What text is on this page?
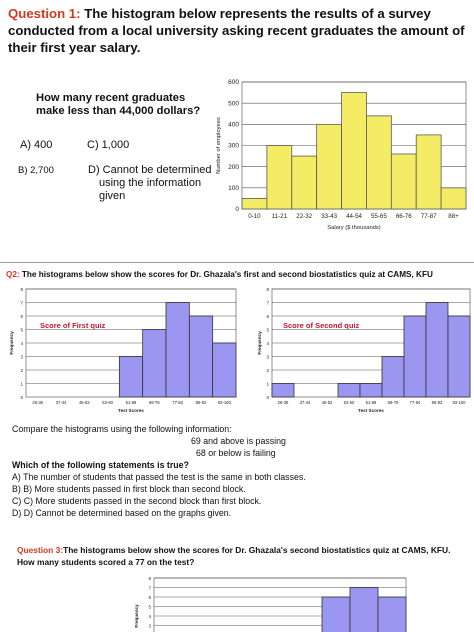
Question 1: The histogram below represents the results of a survey conducted from a local university asking recent graduates the amount of their first year salary.
How many recent graduates make less than 44,000 dollars?
A) 400	C) 1,000
B) 2,700	D) Cannot be determined
using the information
given
0
100
200
300
400
500
600
0-10 11-21 22-32 33-43 44-54 55-65 66-76 77-87 88+
Salary ($ thousands)
Number of employees
Q2: The histograms below show the scores for Dr. Ghazala's first and second biostatistics quiz at CAMS, KFU
0
1
2
3
4
5
6
7
8
28-36	37-44	45-52	53-60	61-68	69-76	77-84	85-92	93-100
Test Scores
Frequency
Score of First quiz
0
1
2
3
4
5
6
7
8
28-36	37-44	45-52	53-60	61-68	69-76	77-84	85-92 93-100
Test Scores
Frequency
Score of Second quiz
Compare the histograms using the following information:
69 and above is passing
68 or below is failing
Which of the following statements is true?
A) The number of students that passed the test is the same in both classes.
B) B) More students passed in first block than second block.
C) C) More students passed in the second block than first block.
D) D) Cannot be determined based on the graphs given.
Question 3:The histograms below show the scores for Dr. Ghazala's second biostatistics quiz at CAMS, KFU. How many students scored a 77 on the test?
3
4
5
6
7
8
Frequency
